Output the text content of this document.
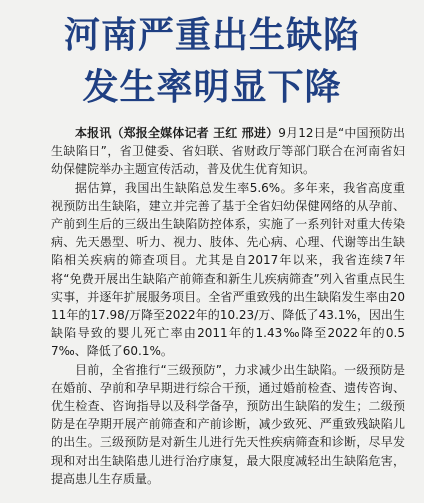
河南严重出生缺陷
发生率明显下降

本报讯（郑报全媒体记者 王红 邢进）9月12日是“中国预防出生缺陷日”，省卫健委、省妇联、省财政厅等部门联合在河南省妇幼保健院举办主题宣传活动，普及优生优育知识。

据估算，我国出生缺陷总发生率5.6%。多年来，我省高度重视预防出生缺陷，建立并完善了基于全省妇幼保健网络的从孕前、产前到生后的三级出生缺陷防控体系，实施了一系列针对重大传染病、先天愚型、听力、视力、肢体、先心病、心理、代谢等出生缺陷相关疾病的筛查项目。尤其是自2017年以来，我省连续7年将“免费开展出生缺陷产前筛查和新生儿疾病筛查”列入省重点民生实事，并逐年扩展服务项目。全省严重致残的出生缺陷发生率由2011年的17.98/万降至2022年的10.23/万、降低了43.1%，因出生缺陷导致的婴儿死亡率由2011年的1.43‰降至2022年的0.57‰、降低了60.1%。

目前，全省推行“三级预防”，力求减少出生缺陷。一级预防是在婚前、孕前和孕早期进行综合干预，通过婚前检查、遗传咨询、优生检查、咨询指导以及科学备孕，预防出生缺陷的发生；二级预防是在孕期开展产前筛查和产前诊断，减少致死、严重致残缺陷儿的出生。三级预防是对新生儿进行先天性疾病筛查和诊断，尽早发现和对出生缺陷患儿进行治疗康复，最大限度减轻出生缺陷危害，提高患儿生存质量。
